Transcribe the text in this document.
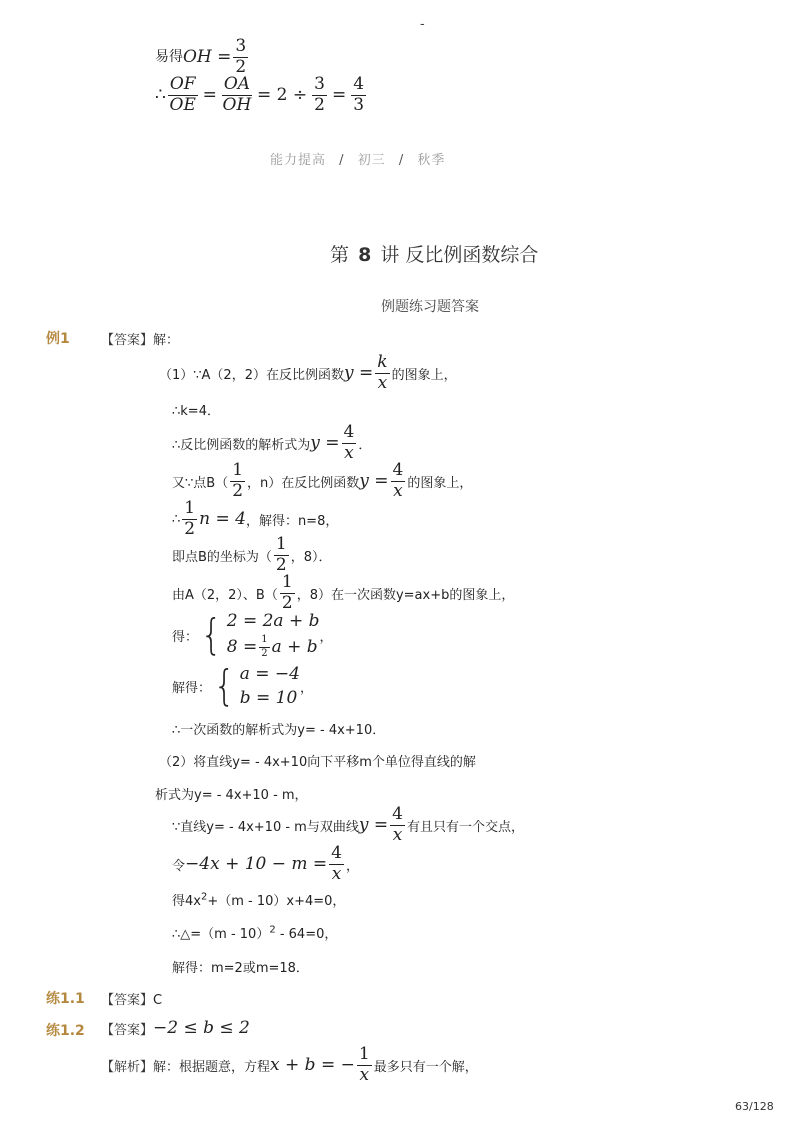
-
易得 OH = $\frac{3}{2}$
∴ $\frac{OF}{OE} = \frac{OA}{OH} = 2 \div \frac{3}{2} = \frac{4}{3}$
能力提高 / 初三 / 秋季
第 8 讲 反比例函数综合
例题练习题答案
例1 【答案】解：
（1）∵A（2，2）在反比例函数 $y = \frac{k}{x}$ 的图象上，
∴k=4．
∴反比例函数的解析式为 $y = \frac{4}{x}$ ．
又∵点$B( \frac{1}{2}$ ，n）在反比例函数 $y = \frac{4}{x}$ 的图象上，
∴ $\frac{1}{2}$ n = 4 ，解得：n=8，
即点B的坐标为（ $\frac{1}{2}$ ，8）．
由A（2，2）、$B( \frac{1}{2}$ ，8）在一次函数y=ax+b的图象上，
得： { 2 = 2a + b
$8 = \frac{1}{2}$ a + b ，
解得： { a = −4
b = 10 ，
∴一次函数的解析式为y= - 4x+10．
（2）将直线y= - 4x+10向下平移m个单位得直线的解
析式为y= - 4x+10 - m，
∵直线y= - 4x+10 - m与双曲线 $y = \frac{4}{x}$ 有且只有一个交点，
令 $-4x + 10 - m = \frac{4}{x}$ ，
得$4x^2+(m - 10)x+4=0$，
∴△=（m - 10）$^2$ - 64=0，
解得：m=2或m=18．
练1.1 【答案】C
练1.2 【答案】 −2 ≤ b ≤ 2
【解析】 解：根据题意，方程 x + b = − $\frac{1}{x}$ 最多只有一个解，
63/128
